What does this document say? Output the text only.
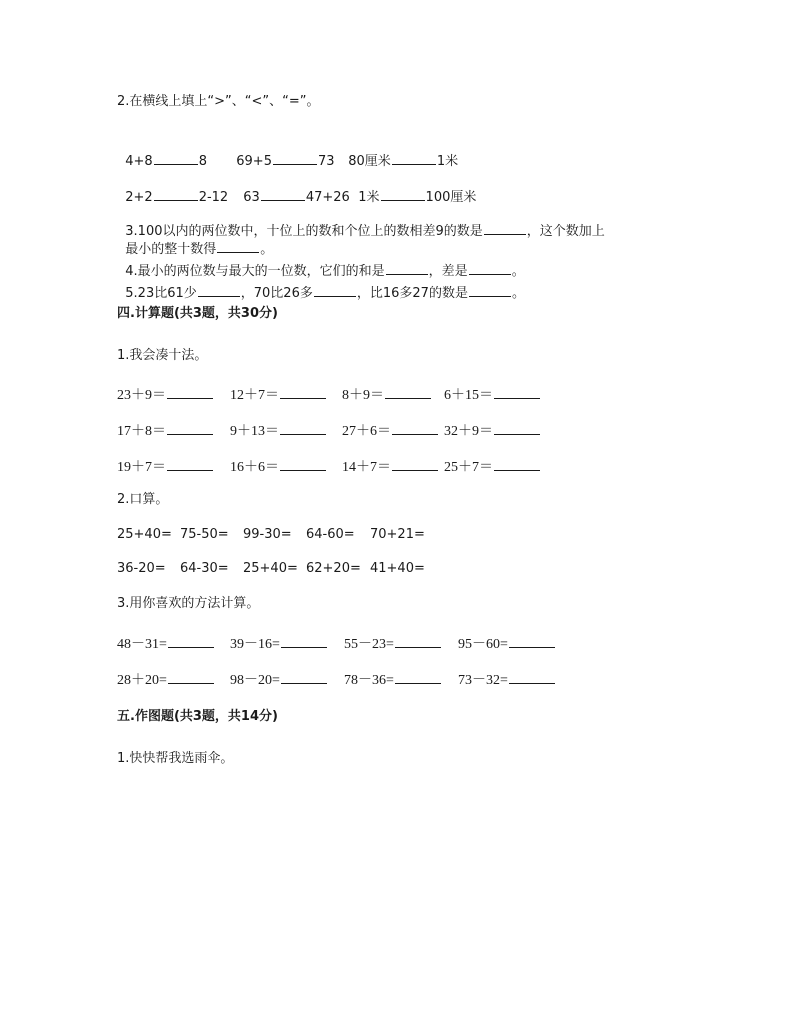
2.在横线上填上“>”、“<”、“=”。

4+8	8	69+5	73	80厘米	1米

2+2	2-12	63	47+26 1米	100厘米

3.100以内的两位数中，十位上的数和个位上的数相差9的数是	，这个数加上

最小的整十数得	。

4.最小的两位数与最大的一位数，它们的和是	，差是	。

5.23比61少	，70比26多	，比16多27的数是	。

四.计算题(共3题，共30分)
1.我会凑十法。
23＋9＝	12＋7＝	8＋9＝	6＋15＝
17＋8＝	9＋13＝	27＋6＝	32＋9＝
19＋7＝	16＋6＝	14＋7＝	25＋7＝
2.口算。
25+40= 75-50= 99-30= 64-60= 70+21=
36-20= 64-30= 25+40= 62+20= 41+40=
3.用你喜欢的方法计算。
48－31=	39－16=	55－23=	95－60=
28＋20=	98－20=	78－36=	73－32=
五.作图题(共3题，共14分)
1.快快帮我选雨伞。
